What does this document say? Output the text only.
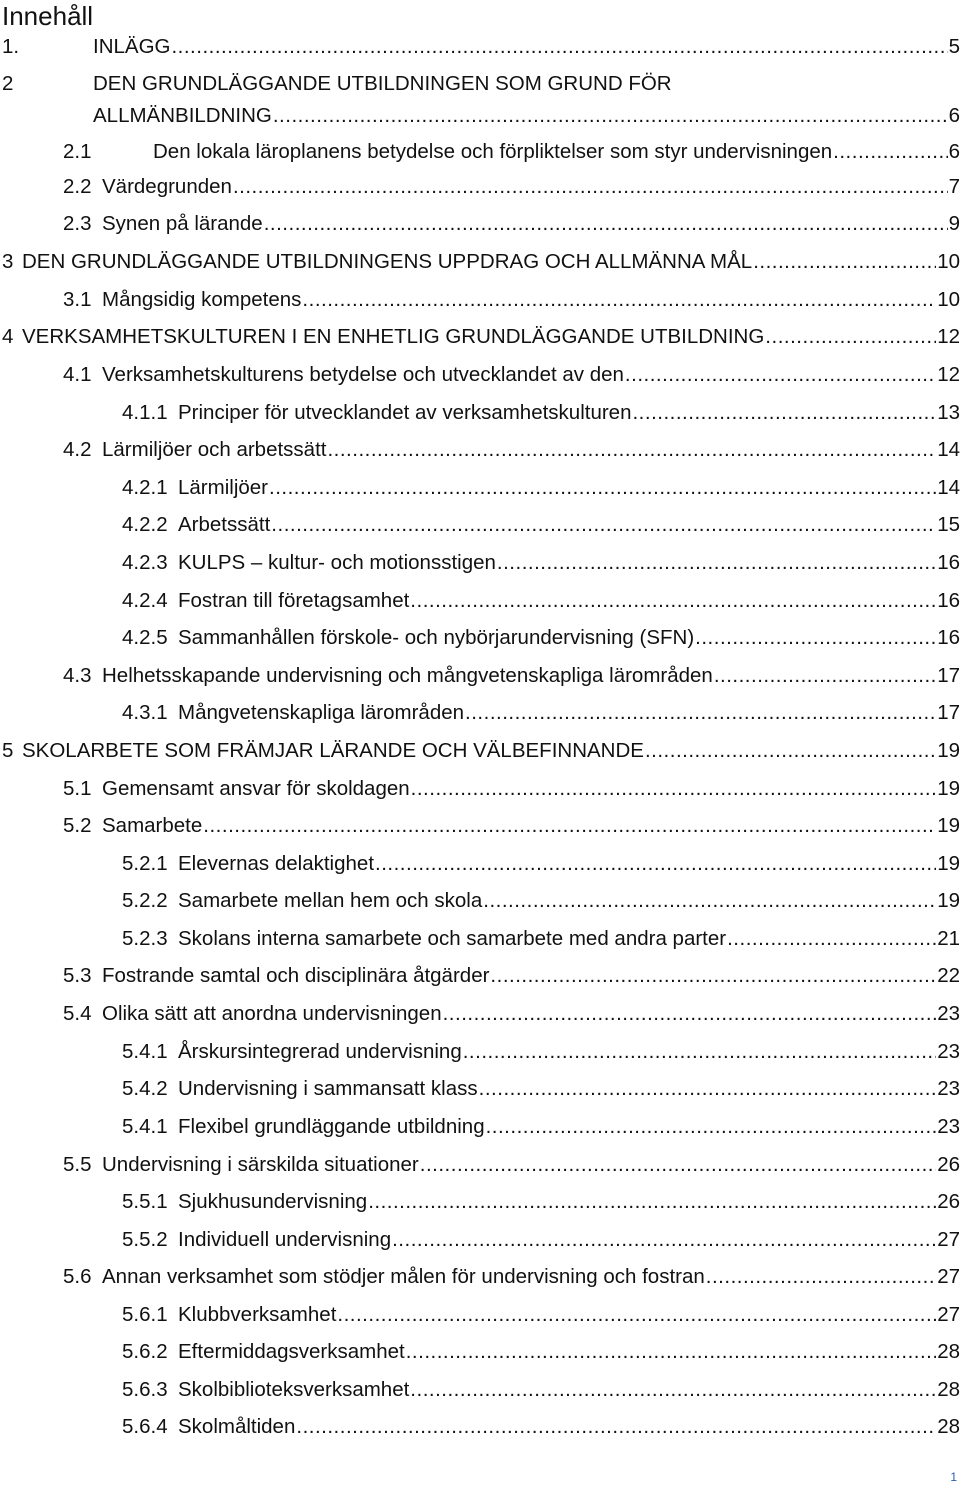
Innehåll
1.	INLÄGG .....	5
2	DEN GRUNDLÄGGANDE UTBILDNINGEN SOM GRUND FÖR
ALLMÄNBILDNING .....	6
2.1	Den lokala läroplanens betydelse och förpliktelser som styr undervisningen .....	6
2.2 Värdegrunden .....	7
2.3 Synen på lärande .....	9
3 DEN GRUNDLÄGGANDE UTBILDNINGENS UPPDRAG OCH ALLMÄNNA MÅL .....	10
3.1 Mångsidig kompetens .....	10
4 VERKSAMHETSKULTUREN I EN ENHETLIG GRUNDLÄGGANDE UTBILDNING .....	12
4.1 Verksamhetskulturens betydelse och utvecklandet av den .....	12
4.1.1 Principer för utvecklandet av verksamhetskulturen .....	13
4.2 Lärmiljöer och arbetssätt .....	14
4.2.1 Lärmiljöer .....	14
4.2.2 Arbetssätt .....	15
4.2.3 KULPS – kultur- och motionsstigen .....	16
4.2.4 Fostran till företagsamhet .....	16
4.2.5 Sammanhållen förskole- och nybörjarundervisning (SFN) .....	16
4.3 Helhetsskapande undervisning och mångvetenskapliga lärområden .....	17
4.3.1 Mångvetenskapliga lärområden .....	17
5 SKOLARBETE SOM FRÄMJAR LÄRANDE OCH VÄLBEFINNANDE .....	19
5.1 Gemensamt ansvar för skoldagen .....	19
5.2 Samarbete .....	19
5.2.1 Elevernas delaktighet .....	19
5.2.2 Samarbete mellan hem och skola .....	19
5.2.3 Skolans interna samarbete och samarbete med andra parter .....	21
5.3 Fostrande samtal och disciplinära åtgärder .....	22
5.4 Olika sätt att anordna undervisningen .....	23
5.4.1 Årskursintegrerad undervisning .....	23
5.4.2 Undervisning i sammansatt klass .....	23
5.4.1 Flexibel grundläggande utbildning .....	23
5.5 Undervisning i särskilda situationer .....	26
5.5.1 Sjukhusundervisning .....	26
5.5.2 Individuell undervisning .....	27
5.6 Annan verksamhet som stödjer målen för undervisning och fostran .....	27
5.6.1 Klubbverksamhet .....	27
5.6.2 Eftermiddagsverksamhet .....	28
5.6.3 Skolbiblioteksverksamhet .....	28
5.6.4 Skolmåltiden .....	28
1
